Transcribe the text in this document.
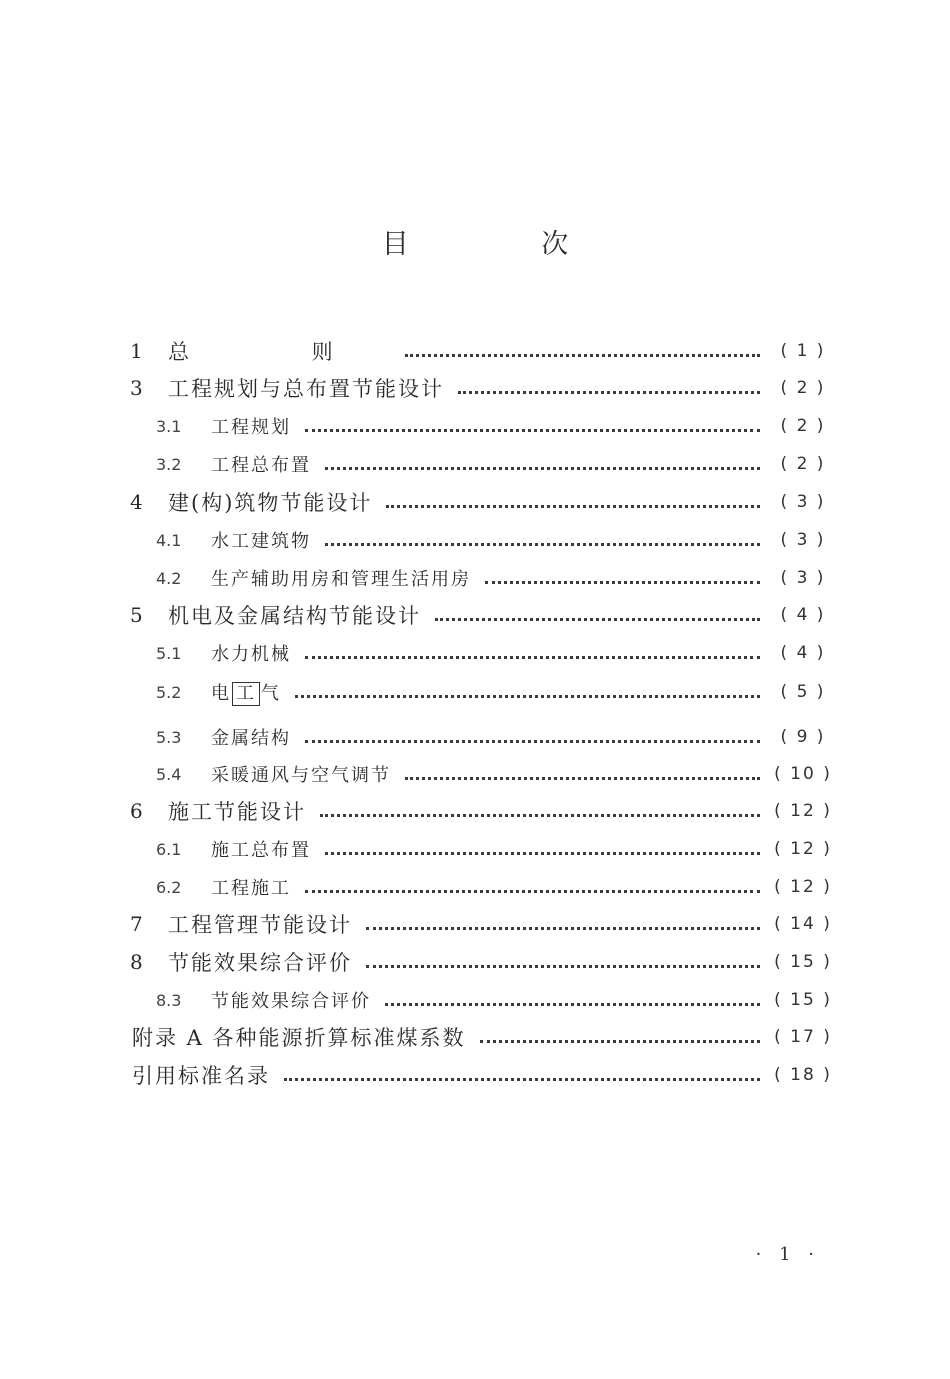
目 次
1	总 则	( 1 )
3	工程规划与总布置节能设计	( 2 )
3.1	工程规划	( 2 )
3.2	工程总布置	( 2 )
4	建(构)筑物节能设计	( 3 )
4.1	水工建筑物	( 3 )
4.2	生产辅助用房和管理生活用房	( 3 )
5	机电及金属结构节能设计	( 4 )
5.1	水力机械	( 4 )
5.2	电 工 气	( 5 )
5.3	金属结构	( 9 )
5.4	采暖通风与空气调节	( 10 )
6	施工节能设计	( 12 )
6.1	施工总布置	( 12 )
6.2	工程施工	( 12 )
7	工程管理节能设计	( 14 )
8	节能效果综合评价	( 15 )
8.3	节能效果综合评价	( 15 )
附录 A 各种能源折算标准煤系数	( 17 )
引用标准名录	( 18 )
· 1 ·
